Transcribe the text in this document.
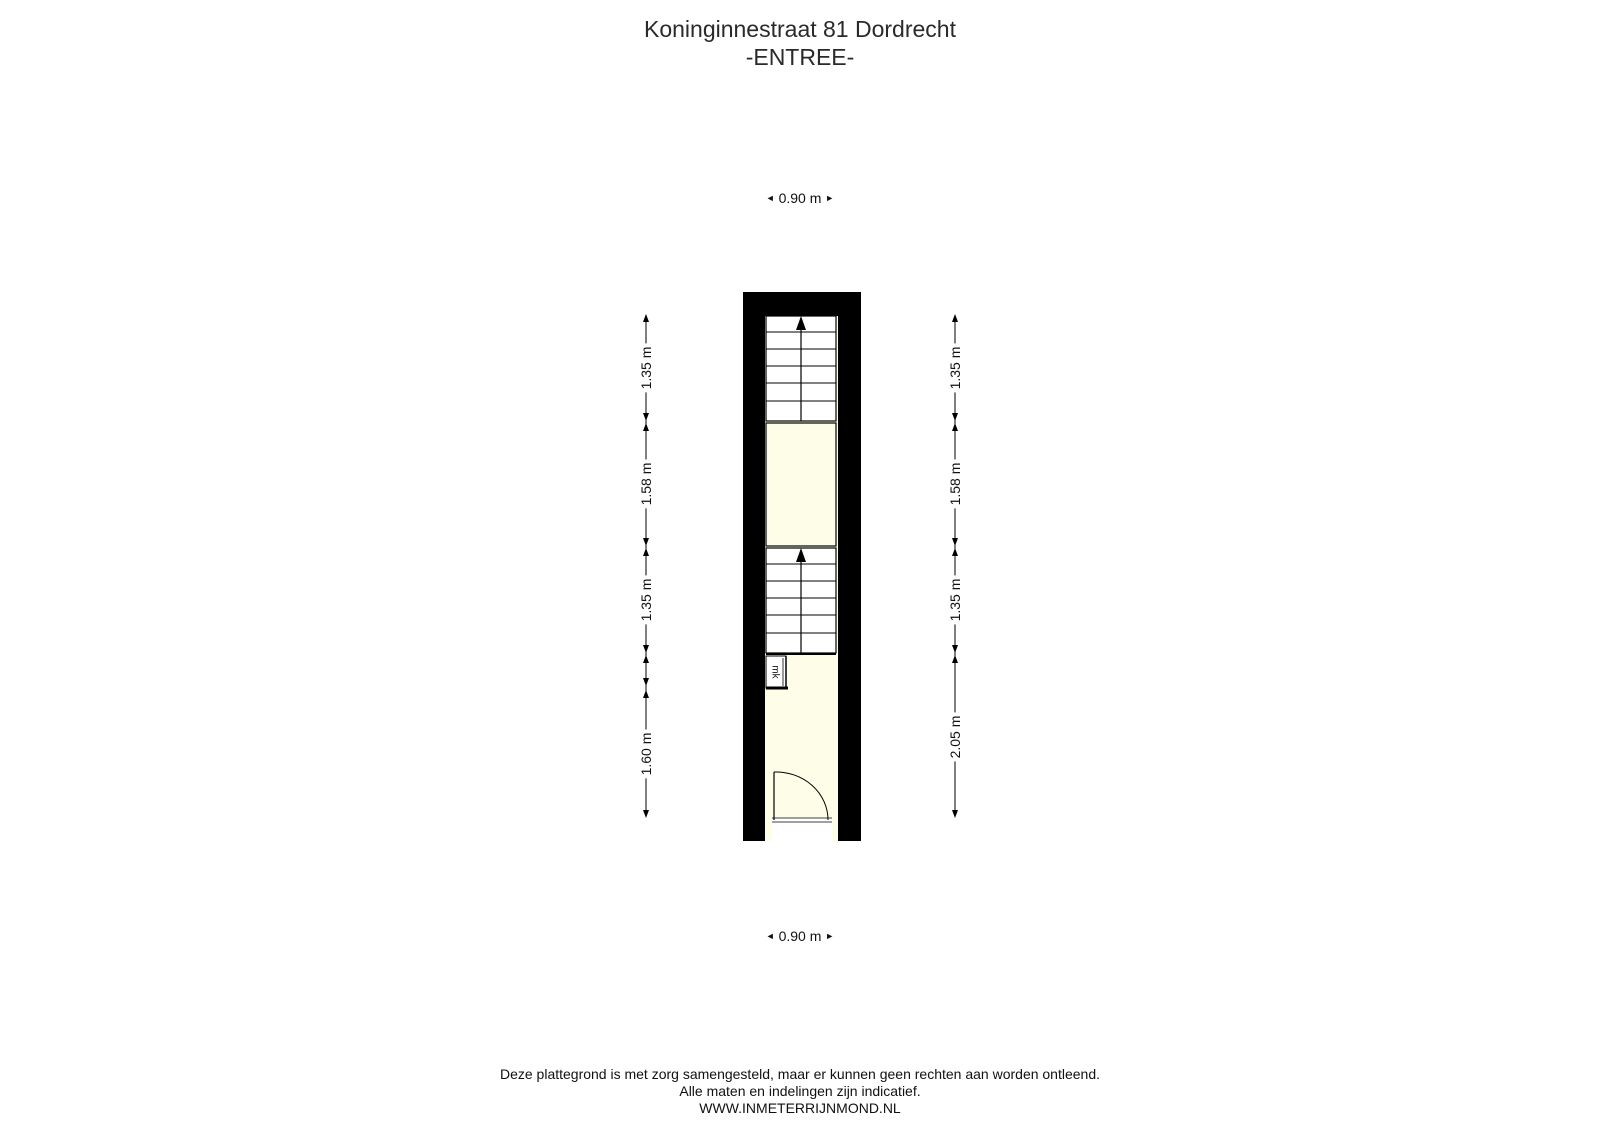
Koninginnestraat 81 Dordrecht
-ENTREE-
◄ 0.90 m ►
mk
1.35 m
1.58 m
1.35 m
1.60 m
1.35 m
1.58 m
1.35 m
2.05 m
◄ 0.90 m ►
Deze plattegrond is met zorg samengesteld, maar er kunnen geen rechten aan worden ontleend.
Alle maten en indelingen zijn indicatief.
WWW.INMETERRIJNMOND.NL
